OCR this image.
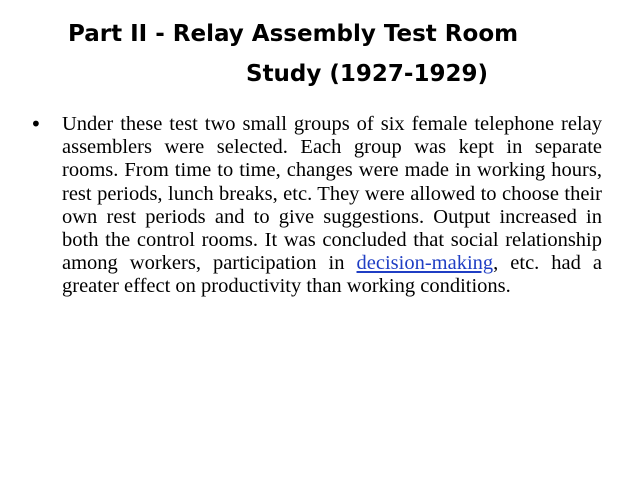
Part II - Relay Assembly Test Room
Study (1927-1929)
• Under these test two small groups of six female telephone relay assemblers were selected. Each group was kept in separate rooms. From time to time, changes were made in working hours, rest periods, lunch breaks, etc. They were allowed to choose their own rest periods and to give suggestions. Output increased in both the control rooms. It was concluded that social relationship among workers, participation in decision-making, etc. had a greater effect on productivity than working conditions.
